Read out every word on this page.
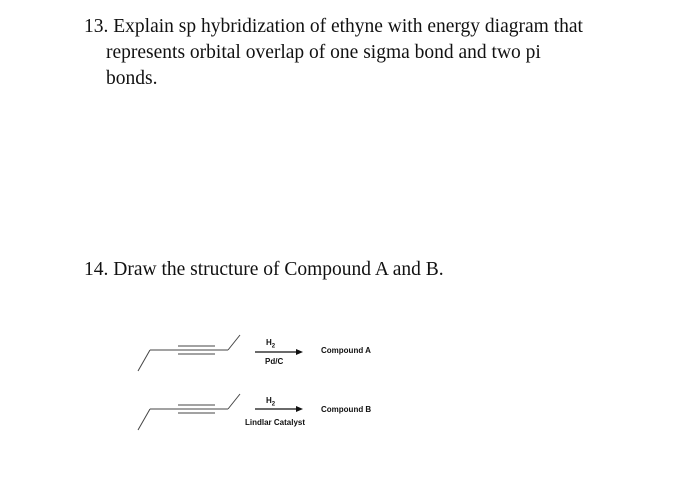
13. Explain sp hybridization of ethyne with energy diagram that
represents orbital overlap of one sigma bond and two pi
bonds.
14. Draw the structure of Compound A and B.
$H_2$
Pd/C
Compound A
$H_2$
Lindlar Catalyst
Compound B
